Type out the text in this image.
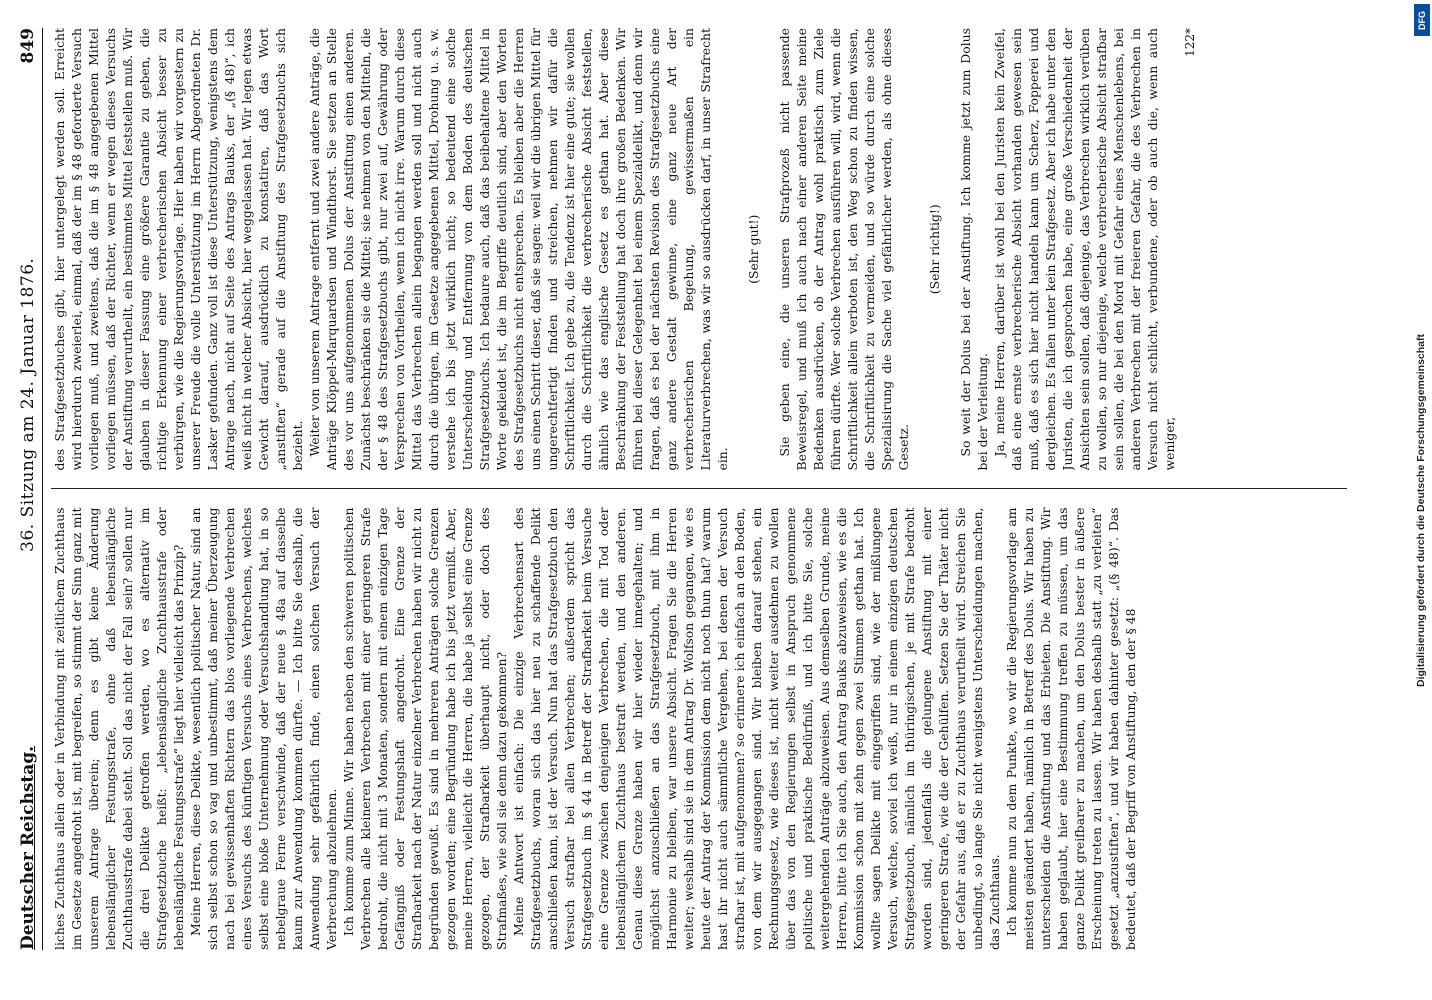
DFG
Digitalisierung gefördert durch die Deutsche Forschungsgemeinschaft
Deutscher Reichstag.
36. Sitzung am 24. Januar 1876.
849

liches Zuchthaus allein oder in Verbindung mit zeitlichem Zuchthaus im Gesetze angedroht ist, mit begreifen, so stimmt der Sinn ganz mit unserem Antrage überein; denn es gibt keine Änderung lebenslänglicher Festungsstrafe, ohne daß lebenslängliche Zuchthausstrafe dabei steht. Soll das nicht der Fall sein? sollen nur die drei Delikte getroffen werden, wo es alternativ im Strafgesetzbuche heißt: „lebenslängliche Zuchthausstrafe oder lebenslängliche Festungsstrafe“ liegt hier vielleicht das Prinzip? Meine Herren, diese Delikte, wesentlich politischer Natur, sind an sich selbst schon so vag und unbestimmt, daß meiner Überzeugung nach bei gewissenhaften Richtern das blos vorliegende Verbrechen eines Versuchs des künftigen Versuchs eines Verbrechens, welches selbst eine bloße Unternehmung oder Versuchshandlung hat, in so nebelgraue Ferne verschwinde, daß der neue § 48a auf dasselbe kaum zur Anwendung kommen dürfte. — Ich bitte Sie deshalb, die Anwendung sehr gefährlich finde, einen solchen Versuch der Verbrechung abzulehnen. Ich komme zum Minne. Wir haben neben den schweren politischen Verbrechen alle kleineren Verbrechen mit einer geringeren Strafe bedroht, die nicht mit 3 Monaten, sondern mit einem einzigen Tage Gefängniß oder Festungshaft angedroht. Eine Grenze der Strafbarkeit nach der Natur einzelner Verbrechen haben wir nicht zu begründen gewußt. Es sind in mehreren Anträgen solche Grenzen gezogen worden; eine Begründung habe ich bis jetzt vermißt. Aber, meine Herren, vielleicht die Herren, die habe ja selbst eine Grenze gezogen, der Strafbarkeit überhaupt nicht, oder doch des Strafmaßes, wie soll sie denn dazu gekommen? Meine Antwort ist einfach: Die einzige Verbrechensart des Strafgesetzbuchs, woran sich das hier neu zu schaffende Delikt anschließen kann, ist der Versuch. Nun hat das Strafgesetzbuch den Versuch strafbar bei allen Verbrechen; außerdem spricht das Strafgesetzbuch im § 44 in Betreff der Strafbarkeit beim Versuche eine Grenze zwischen denjenigen Verbrechen, die mit Tod oder lebenslänglichem Zuchthaus bestraft werden, und den anderen. Genau diese Grenze haben wir hier wieder innegehalten; und möglichst anzuschließen an das Strafgesetzbuch, mit ihm in Harmonie zu bleiben, war unsere Absicht. Fragen Sie die Herren weiter; weshalb sind sie in dem Antrag Dr. Wolfson gegangen, wie es heute der Antrag der Kommission dem nicht noch thun hat? warum hast ihr nicht auch sämmtliche Vergehen, bei denen der Versuch strafbar ist, mit aufgenommen? so erinnere ich einfach an den Boden, von dem wir ausgegangen sind. Wir bleiben darauf stehen, ein Rechnungsgesetz, wie dieses ist, nicht weiter ausdehnen zu wollen über das von den Regierungen selbst in Anspruch genommene politische und praktische Bedürfniß, und ich bitte Sie, solche weitergehenden Anträge abzuweisen. Aus demselben Grunde, meine Herren, bitte ich Sie auch, den Antrag Bauks abzuweisen, wie es die Kommission schon mit zehn gegen zwei Stimmen gethan hat. Ich wollte sagen Delikte mit eingegriffen sind, wie der mißlungene Versuch, welche, soviel ich weiß, nur in einem einzigen deutschen Strafgesetzbuch, nämlich im thüringischen, je mit Strafe bedroht worden sind, jedenfalls die gelungene Anstiftung mit einer geringeren Strafe, wie die der Gehülfen. Setzen Sie der Thäter nicht der Gefahr aus, daß er zu Zuchthaus verurtheilt wird. Streichen Sie unbedingt, so lange Sie nicht wenigstens Unterscheidungen machen, das Zuchthaus. Ich komme nun zu dem Punkte, wo wir die Regierungsvorlage am meisten geändert haben, nämlich in Betreff des Dolus. Wir haben zu unterscheiden die Anstiftung und das Erbieten. Die Anstiftung. Wir haben geglaubt, hier eine Bestimmung treffen zu müssen, um das ganze Delikt greifbarer zu machen, um den Dolus bester in äußere Erscheinung treten zu lassen. Wir haben deshalb statt „zu verleiten“ gesetzt „anzustiften“, und wir haben dahinter gesetzt: „(§ 48)“. Das bedeutet, daß der Begriff von Anstiftung, den der § 48

des Strafgesetzbuches gibt, hier untergelegt werden soll. Erreicht wird hierdurch zweierlei, einmal, daß der im § 48 geforderte Versuch vorliegen muß, und zweitens, daß die im § 48 angegebenen Mittel vorliegen müssen, daß der Richter, wenn er wegen dieses Versuchs der Anstiftung verurtheilt, ein bestimmtes Mittel feststellen muß. Wir glauben in dieser Fassung eine größere Garantie zu geben, die richtige Erkennung einer verbrecherischen Absicht besser zu verbürgen, wie die Regierungsvorlage. Hier haben wir vorgestern zu unserer Freude die volle Unterstützung im Herrn Abgeordneten Dr. Lasker gefunden. Ganz voll ist diese Unterstützung, wenigstens dem Antrage nach, nicht auf Seite des Antrags Bauks, der „(§ 48)“, ich weiß nicht in welcher Absicht, hier weggelassen hat. Wir legen etwas Gewicht darauf, ausdrücklich zu konstatiren, daß das Wort „anstiften“ gerade auf die Anstiftung des Strafgesetzbuchs sich bezieht. Weiter von unserem Antrage entfernt und zwei andere Anträge, die Anträge Klöppel-Marquardsen und Windthorst. Sie setzen an Stelle des vor uns aufgenommenen Dolus der Anstiftung einen anderen. Zunächst beschränken sie die Mittel; sie nehmen von den Mitteln, die der § 48 des Strafgesetzbuchs gibt, nur zwei auf, Gewährung oder Versprechen von Vortheilen, wenn ich nicht irre. Warum durch diese Mittel das Verbrechen allein begangen werden soll und nicht auch durch die übrigen, im Gesetze angegebenen Mittel, Drohung u. s. w. verstehe ich bis jetzt wirklich nicht; so bedeutend eine solche Unterscheidung und Entfernung von dem Boden des deutschen Strafgesetzbuchs. Ich bedaure auch, daß das beibehaltene Mittel in Worte gekleidet ist, die im Begriffe deutlich sind, aber den Worten des Strafgesetzbuchs nicht entsprechen. Es bleiben aber die Herren uns einen Schritt dieser, daß sie sagen: weil wir die übrigen Mittel für ungerechtfertigt finden und streichen, nehmen wir dafür die Schriftlichkeit. Ich gebe zu, die Tendenz ist hier eine gute; sie wollen durch die Schriftlichkeit die verbrecherische Absicht feststellen, ähnlich wie das englische Gesetz es gethan hat. Aber diese Beschränkung der Feststellung hat doch ihre großen Bedenken. Wir führen bei dieser Gelegenheit bei einem Spezialdelikt, und denn wir fragen, daß es bei der nächsten Revision des Strafgesetzbuchs eine ganz andere Gestalt gewinne, eine ganz neue Art der verbrecherischen Begehung, gewissermaßen ein Literaturverbrechen, was wir so ausdrücken darf, in unser Strafrecht ein.

(Sehr gut!) Sie geben eine, die unseren Strafprozeß nicht passende Beweisregel, und muß ich auch nach einer anderen Seite meine Bedenken ausdrücken, ob der Antrag wohl praktisch zum Ziele führen dürfte. Wer solche Verbrechen ausführen will, wird, wenn die Schriftlichkeit allein verboten ist, den Weg schon zu finden wissen, die Schriftlichkeit zu vermeiden, und so würde durch eine solche Spezialisirung die Sache viel gefährlicher werden, als ohne dieses Gesetz.

(Sehr richtig!) So weit der Dolus bei der Anstiftung. Ich komme jetzt zum Dolus bei der Verleitung. Ja, meine Herren, darüber ist wohl bei den Juristen kein Zweifel, daß eine ernste verbrecherische Absicht vorhanden gewesen sein muß, daß es sich hier nicht handeln kann um Scherz, Fopperei und dergleichen. Es fallen unter kein Strafgesetz. Aber ich habe unter den Juristen, die ich gesprochen habe, eine große Verschiedenheit der Ansichten sein sollen, daß diejenige, das Verbrechen wirklich verüben zu wollen, so nur diejenige, welche verbrecherische Absicht strafbar sein sollen, die bei den Mord mit Gefahr eines Menschenlebens, bei anderen Verbrechen mit der freieren Gefahr, die des Verbrechen in Versuch nicht schlicht, verbundene, oder ob auch die, wenn auch weniger,

122*
